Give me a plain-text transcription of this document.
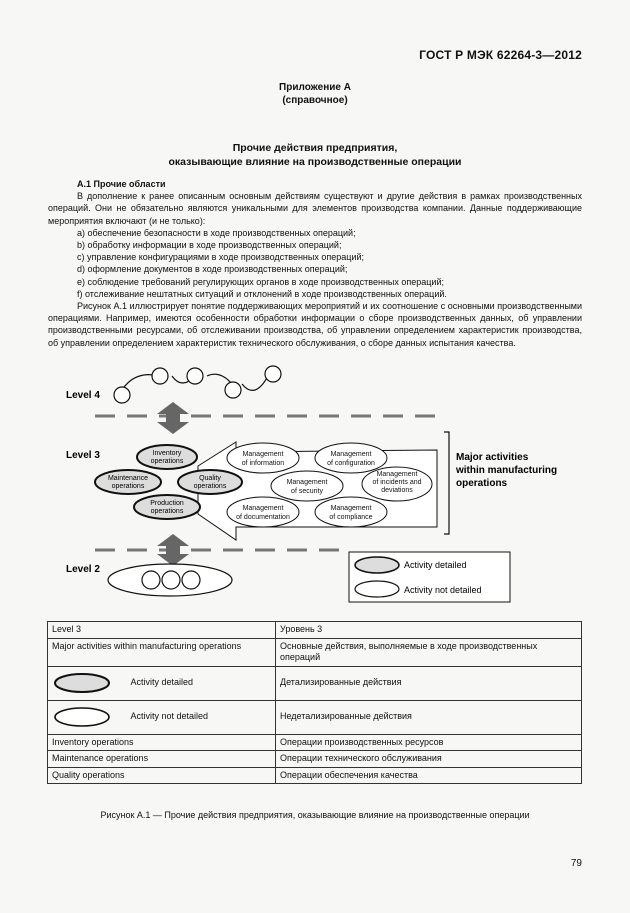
ГОСТ Р МЭК 62264-3—2012
Приложение А
(справочное)
Прочие действия предприятия,
оказывающие влияние на производственные операции

А.1 Прочие области

В дополнение к ранее описанным основным действиям существуют и другие действия в рамках производственных операций. Они не обязательно являются уникальными для элементов производства компании. Данные поддерживающие мероприятия включают (и не только):

a) обеспечение безопасности в ходе производственных операций;

b) обработку информации в ходе производственных операций;

c) управление конфигурациями в ходе производственных операций;

d) оформление документов в ходе производственных операций;

e) соблюдение требований регулирующих органов в ходе производственных операций;

f) отслеживание нештатных ситуаций и отклонений в ходе производственных операций.

Рисунок А.1 иллюстрирует понятие поддерживающих мероприятий и их соотношение с основными производственными операциями. Например, имеются особенности обработки информации о сборе производственных данных, об управлении производственными ресурсами, об отслеживании производства, об управлении определением характеристик производства, об управлении определением характеристик технического обслуживания, о сборе данных испытания качества.

Level 4
Level 3	Inventory
operations
Maintenance
operations
Quality
operations
Production
operations
Management
of information
Management
of configuration
Management
of security
Management
of incidents and
deviations
Management
of documentation
Management
of compliance
Major activities
within manufacturing
operations
Level 2	Activity detailed
Activity not detailed
Level 3	Уровень 3
Major activities within manufacturing operations	Основные действия, выполняемые в ходе производственных операций
Activity detailed	Детализированные действия
Activity not detailed	Недетализированные действия
Inventory operations	Операции производственных ресурсов
Maintenance operations	Операции технического обслуживания
Quality operations	Операции обеспечения качества
Рисунок А.1 — Прочие действия предприятия, оказывающие влияние на производственные операции
79
